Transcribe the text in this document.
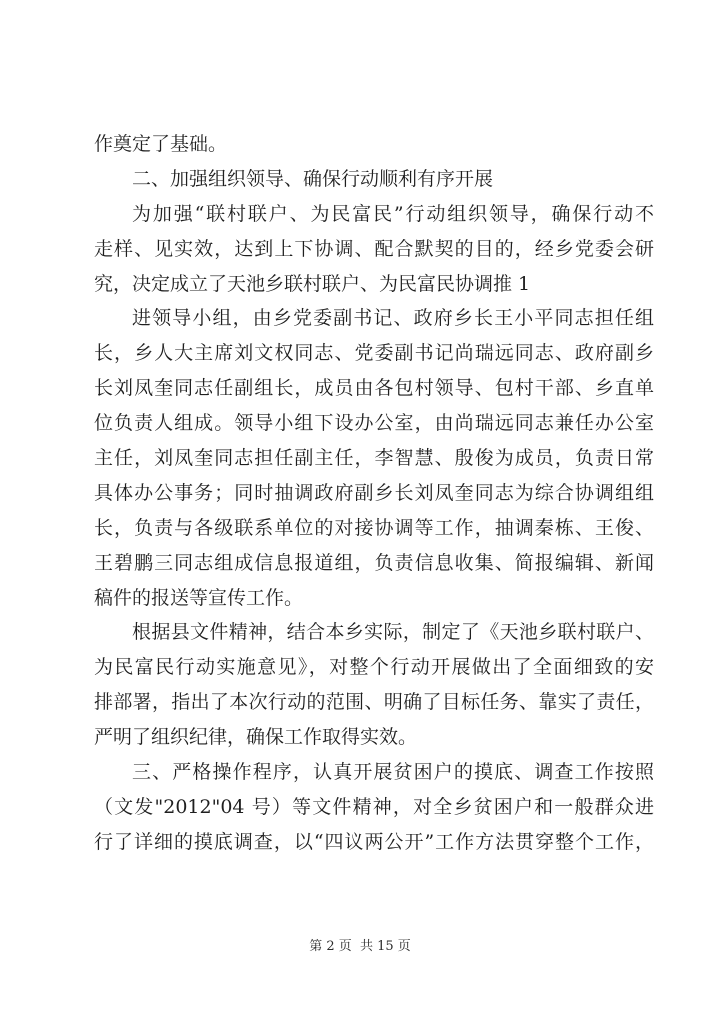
作奠定了基础。
二、加强组织领导、确保行动顺利有序开展
为加强“联村联户、为民富民”行动组织领导，确保行动不
走样、见实效，达到上下协调、配合默契的目的，经乡党委会研
究，决定成立了天池乡联村联户、为民富民协调推 1
进领导小组，由乡党委副书记、政府乡长王小平同志担任组
长，乡人大主席刘文权同志、党委副书记尚瑞远同志、政府副乡
长刘凤奎同志任副组长，成员由各包村领导、包村干部、乡直单
位负责人组成。领导小组下设办公室，由尚瑞远同志兼任办公室
主任，刘凤奎同志担任副主任，李智慧、殷俊为成员，负责日常
具体办公事务；同时抽调政府副乡长刘凤奎同志为综合协调组组
长，负责与各级联系单位的对接协调等工作，抽调秦栋、王俊、
王碧鹏三同志组成信息报道组，负责信息收集、简报编辑、新闻
稿件的报送等宣传工作。
根据县文件精神，结合本乡实际，制定了《天池乡联村联户、
为民富民行动实施意见》，对整个行动开展做出了全面细致的安
排部署，指出了本次行动的范围、明确了目标任务、靠实了责任，
严明了组织纪律，确保工作取得实效。
三、严格操作程序，认真开展贫困户的摸底、调查工作按照
（文发"2012"04 号）等文件精神，对全乡贫困户和一般群众进
行了详细的摸底调查，以“四议两公开”工作方法贯穿整个工作，
第 2 页  共 15 页
